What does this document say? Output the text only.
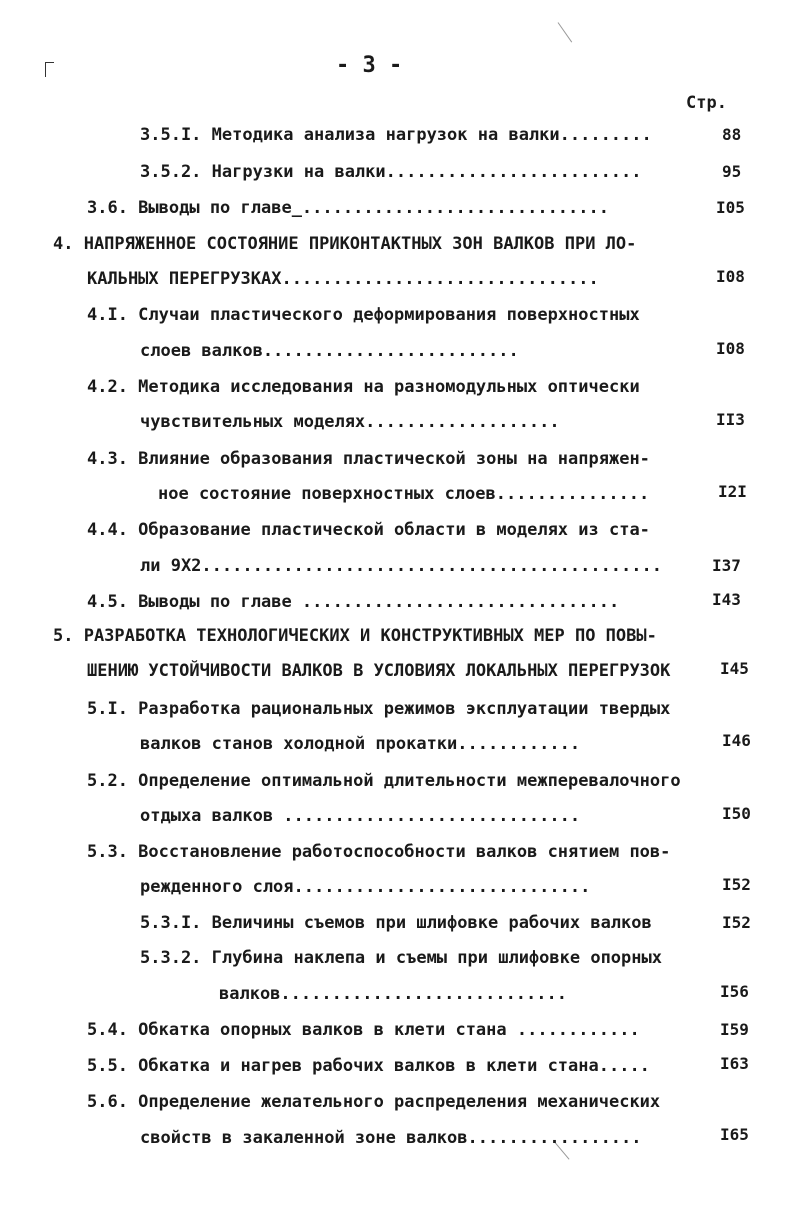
- 3 -
Стр.
3.5.I. Методика анализа нагрузок на валки.........	88
3.5.2. Нагрузки на валки.........................	95
3.6. Выводы по главе_..............................	I05
4. НАПРЯЖЕННОЕ СОСТОЯНИЕ ПРИКОНТАКТНЫХ ЗОН ВАЛКОВ ПРИ ЛО-
КАЛЬНЫХ ПЕРЕГРУЗКАХ...............................	I08
4.I. Случаи пластического деформирования поверхностных
слоев валков.........................	I08
4.2. Методика исследования на разномодульных оптически
чувствительных моделях...................	II3
4.3. Влияние образования пластической зоны на напряжен-
ное состояние поверхностных слоев...............	I2I
4.4. Образование пластической области в моделях из ста-
ли 9Х2.............................................	I37
4.5. Выводы по главе ...............................	I43
5. РАЗРАБОТКА ТЕХНОЛОГИЧЕСКИХ И КОНСТРУКТИВНЫХ МЕР ПО ПОВЫ-
ШЕНИЮ УСТОЙЧИВОСТИ ВАЛКОВ В УСЛОВИЯХ ЛОКАЛЬНЫХ ПЕРЕГРУЗОК	I45
5.I. Разработка рациональных режимов эксплуатации твердых
валков станов холодной прокатки............	I46
5.2. Определение оптимальной длительности межперевалочного
отдыха валков .............................	I50
5.3. Восстановление работоспособности валков снятием пов-
режденного слоя.............................	I52
5.3.I. Величины съемов при шлифовке рабочих валков	I52
5.3.2. Глубина наклепа и съемы при шлифовке опорных
валков............................	I56
5.4. Обкатка опорных валков в клети стана ............	I59
5.5. Обкатка и нагрев рабочих валков в клети стана.....	I63
5.6. Определение желательного распределения механических
свойств в закаленной зоне валков.................	I65
